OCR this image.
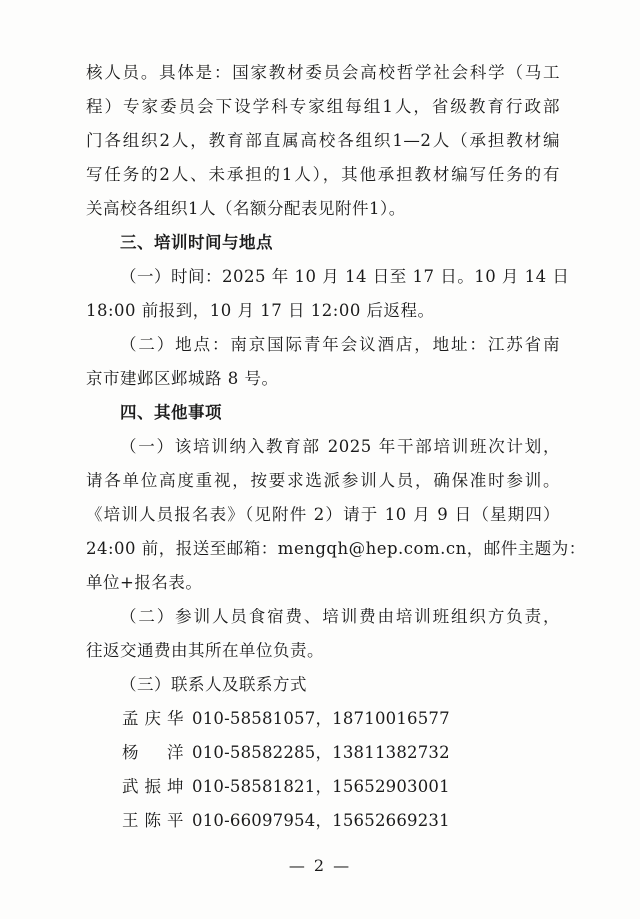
核人员。具体是：国家教材委员会高校哲学社会科学（马工
程）专家委员会下设学科专家组每组1人，省级教育行政部
门各组织2人，教育部直属高校各组织1—2人（承担教材编
写任务的2人、未承担的1人），其他承担教材编写任务的有
关高校各组织1人（名额分配表见附件1）。
三、培训时间与地点
（一）时间：2025 年 10 月 14 日至 17 日。10 月 14 日
18:00 前报到，10 月 17 日 12:00 后返程。
（二）地点：南京国际青年会议酒店，地址：江苏省南
京市建邺区邺城路 8 号。
四、其他事项
（一）该培训纳入教育部 2025 年干部培训班次计划，
请各单位高度重视，按要求选派参训人员，确保准时参训。
《培训人员报名表》（见附件 2）请于 10 月 9 日（星期四）
24:00 前，报送至邮箱：mengqh@hep.com.cn，邮件主题为：
单位+报名表。
（二）参训人员食宿费、培训费由培训班组织方负责，
往返交通费由其所在单位负责。
（三）联系人及联系方式
孟庆华 010-58581057，18710016577
杨　洋 010-58582285，13811382732
武振坤 010-58581821，15652903001
王陈平 010-66097954，15652669231
— 2 —
